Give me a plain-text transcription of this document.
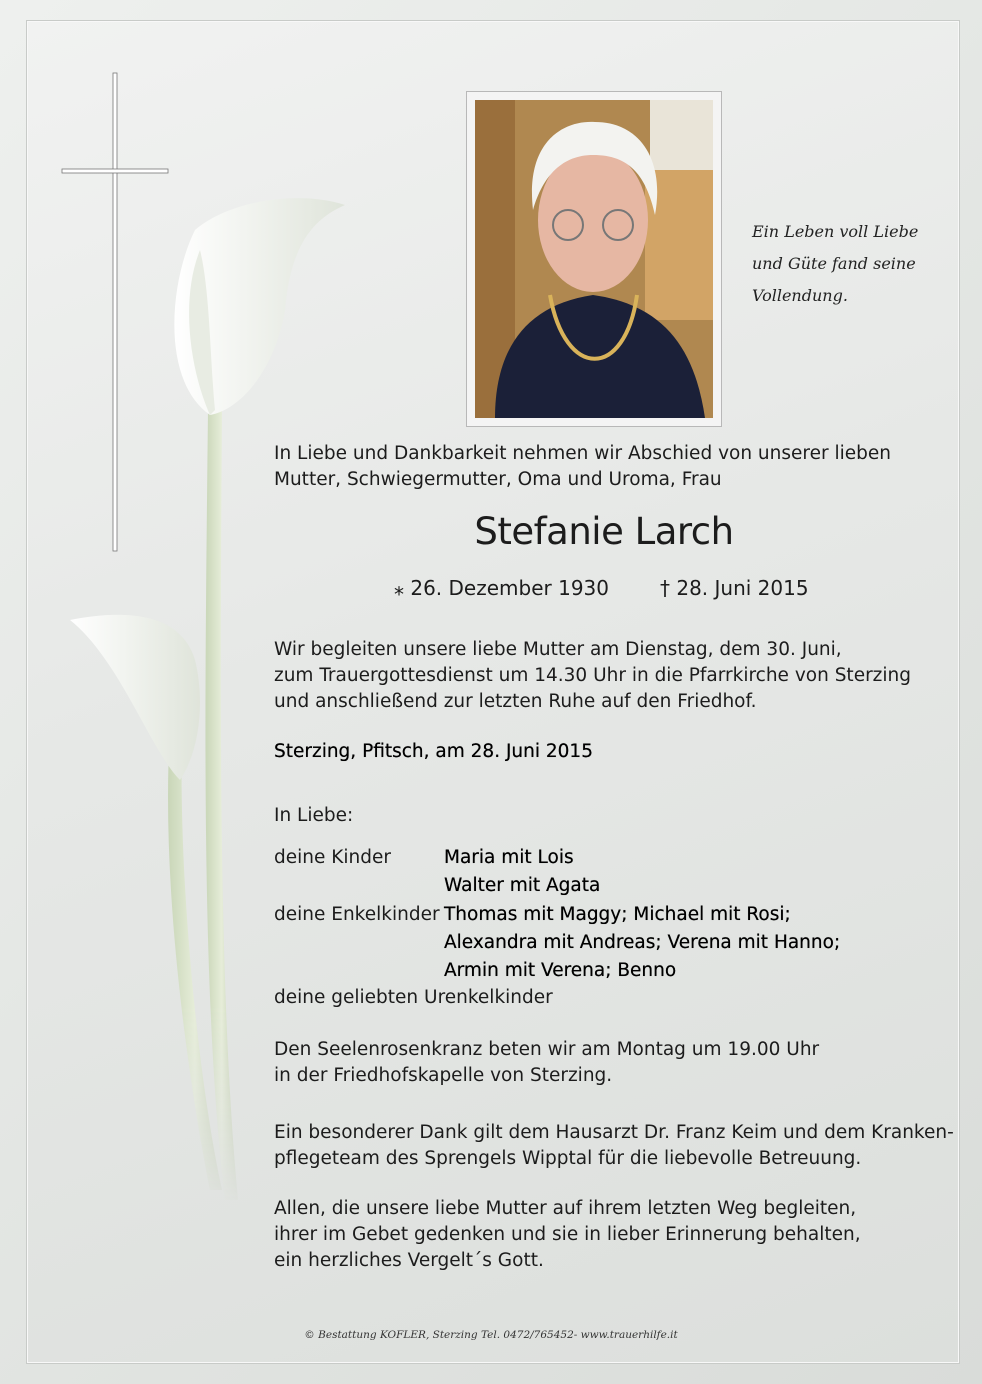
Ein Leben voll Liebe
und Güte fand seine
Vollendung.
In Liebe und Dankbarkeit nehmen wir Abschied von unserer lieben
Mutter, Schwiegermutter, Oma und Uroma, Frau
Stefanie Larch
⁎ 26. Dezember 1930	† 28. Juni 2015
Wir begleiten unsere liebe Mutter am Dienstag, dem 30. Juni,
zum Trauergottesdienst um 14.30 Uhr in die Pfarrkirche von Sterzing
und anschließend zur letzten Ruhe auf den Friedhof.
Sterzing, Pfitsch, am 28. Juni 2015
In Liebe:
deine Kinder	Maria mit Lois
Walter mit Agata
deine Enkelkinder Thomas mit Maggy; Michael mit Rosi;
Alexandra mit Andreas; Verena mit Hanno;
Armin mit Verena; Benno
deine geliebten Urenkelkinder
Den Seelenrosenkranz beten wir am Montag um 19.00 Uhr
in der Friedhofskapelle von Sterzing.
Ein besonderer Dank gilt dem Hausarzt Dr. Franz Keim und dem Kranken-
pflegeteam des Sprengels Wipptal für die liebevolle Betreuung.
Allen, die unsere liebe Mutter auf ihrem letzten Weg begleiten,
ihrer im Gebet gedenken und sie in lieber Erinnerung behalten,
ein herzliches Vergelt´s Gott.
© Bestattung KOFLER, Sterzing Tel. 0472/765452- www.trauerhilfe.it
